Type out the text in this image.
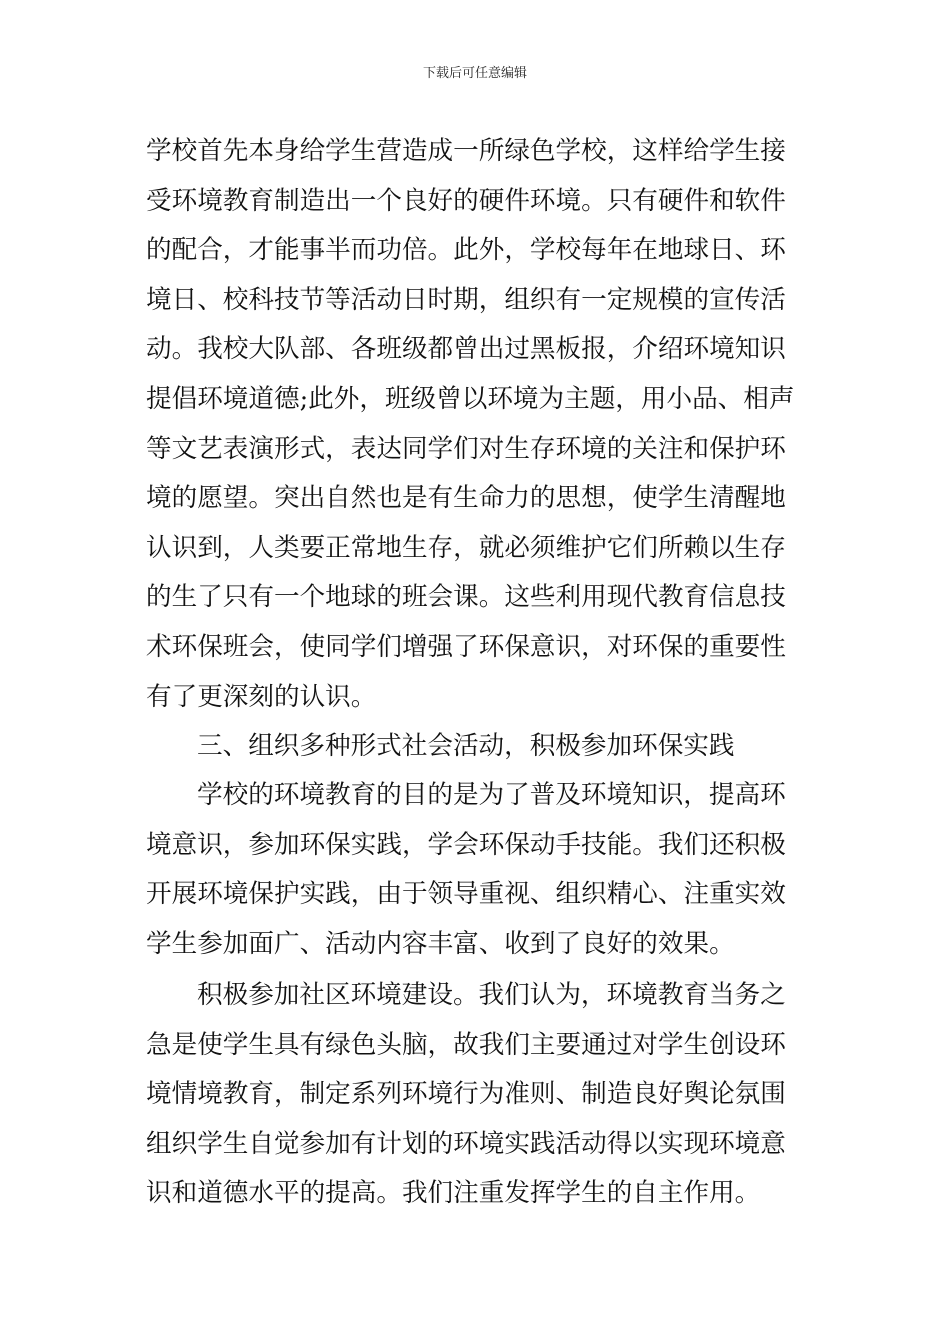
下载后可任意编辑
学校首先本身给学生营造成一所绿色学校，这样给学生接
受环境教育制造出一个良好的硬件环境。只有硬件和软件
的配合，才能事半而功倍。此外，学校每年在地球日、环
境日、校科技节等活动日时期，组织有一定规模的宣传活
动。我校大队部、各班级都曾出过黑板报，介绍环境知识
提倡环境道德;此外，班级曾以环境为主题，用小品、相声
等文艺表演形式，表达同学们对生存环境的关注和保护环
境的愿望。突出自然也是有生命力的思想，使学生清醒地
认识到，人类要正常地生存，就必须维护它们所赖以生存
的生了只有一个地球的班会课。这些利用现代教育信息技
术环保班会，使同学们增强了环保意识，对环保的重要性
有了更深刻的认识。
三、组织多种形式社会活动，积极参加环保实践
学校的环境教育的目的是为了普及环境知识，提高环
境意识，参加环保实践，学会环保动手技能。我们还积极
开展环境保护实践，由于领导重视、组织精心、注重实效
学生参加面广、活动内容丰富、收到了良好的效果。
积极参加社区环境建设。我们认为，环境教育当务之
急是使学生具有绿色头脑，故我们主要通过对学生创设环
境情境教育，制定系列环境行为准则、制造良好舆论氛围
组织学生自觉参加有计划的环境实践活动得以实现环境意
识和道德水平的提高。我们注重发挥学生的自主作用。
